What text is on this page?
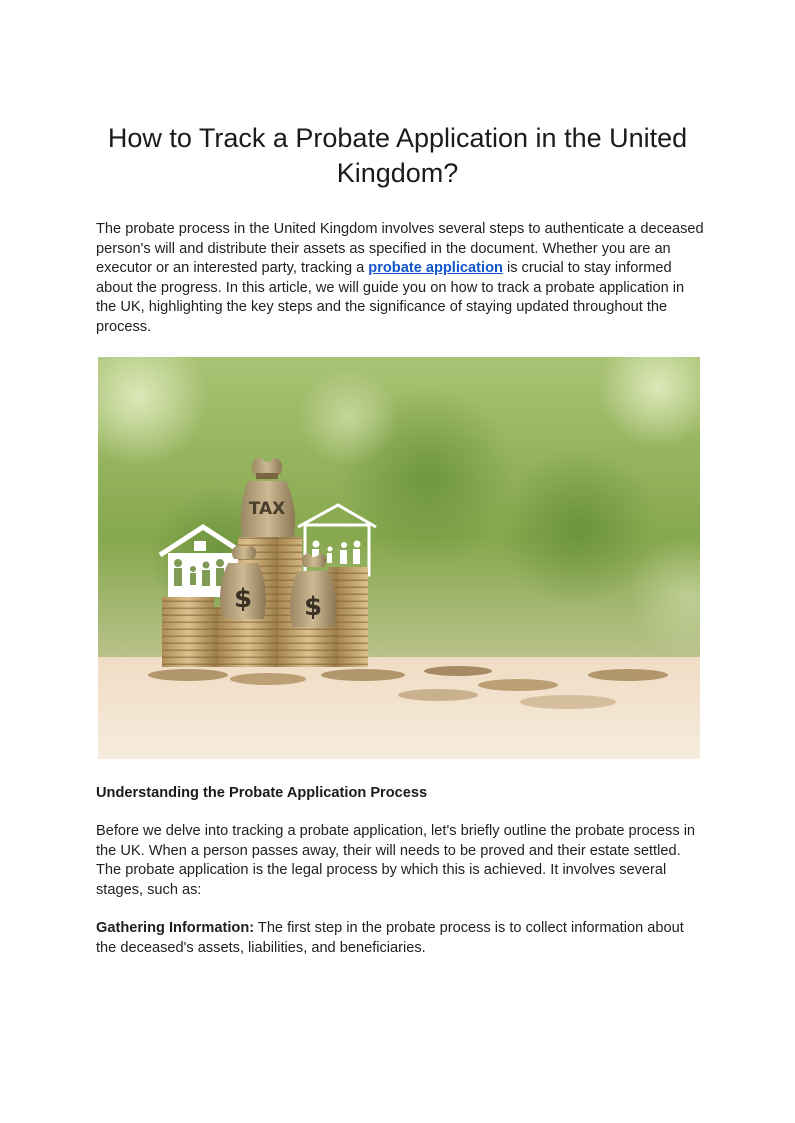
How to Track a Probate Application in the United Kingdom?

The probate process in the United Kingdom involves several steps to authenticate a deceased person's will and distribute their assets as specified in the document. Whether you are an executor or an interested party, tracking a probate application is crucial to stay informed about the progress. In this article, we will guide you on how to track a probate application in the UK, highlighting the key steps and the significance of staying updated throughout the process.

TAX
$ $
Understanding the Probate Application Process

Before we delve into tracking a probate application, let's briefly outline the probate process in the UK. When a person passes away, their will needs to be proved and their estate settled. The probate application is the legal process by which this is achieved. It involves several stages, such as:

Gathering Information: The first step in the probate process is to collect information about the deceased's assets, liabilities, and beneficiaries.
